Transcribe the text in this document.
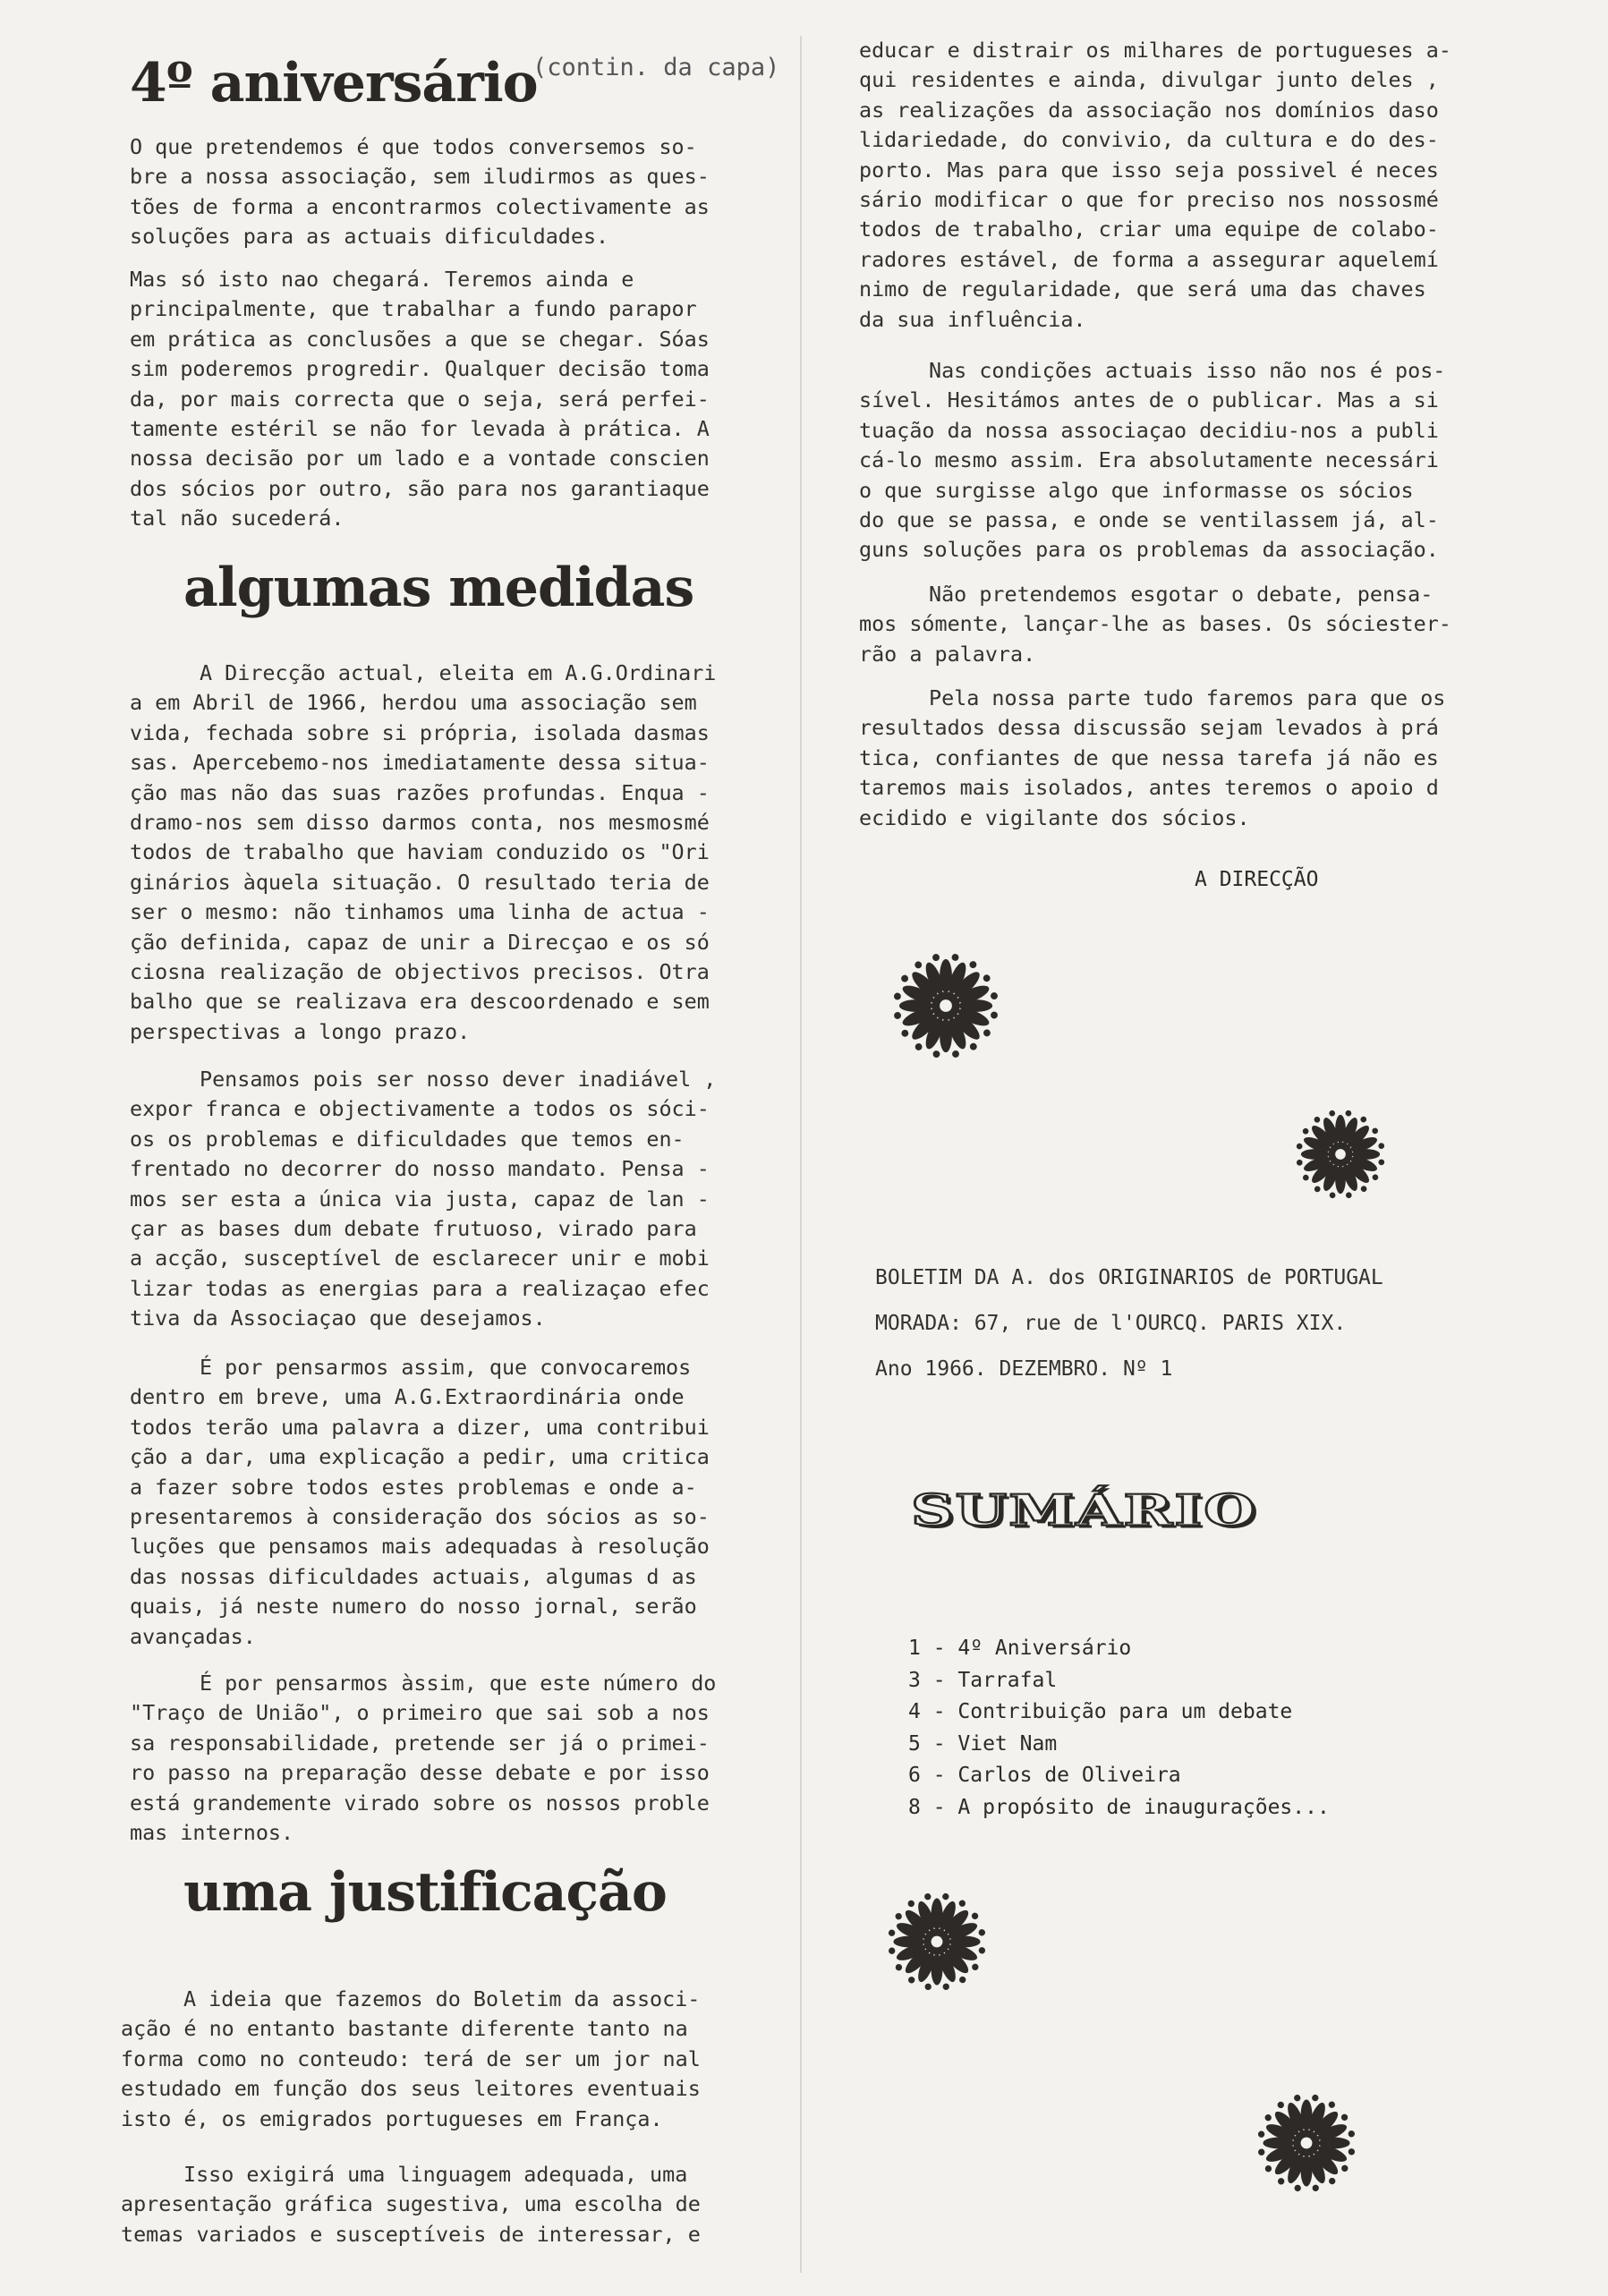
4º aniversário
(contin. da capa)
O que pretendemos é que todos conversemos so-
bre a nossa associação, sem iludirmos as ques-
tões de forma a encontrarmos colectivamente as
soluções para as actuais dificuldades.
Mas só isto nao chegará. Teremos ainda e
principalmente, que trabalhar a fundo parapor
em prática as conclusões a que se chegar. Sóas
sim poderemos progredir. Qualquer decisão toma
da, por mais correcta que o seja, será perfei-
tamente estéril se não for levada à prática. A
nossa decisão por um lado e a vontade conscien
dos sócios por outro, são para nos garantiaque
tal não sucederá.
algumas medidas
A Direcção actual, eleita em A.G.Ordinari
a em Abril de 1966, herdou uma associação sem
vida, fechada sobre si própria, isolada dasmas
sas. Apercebemo-nos imediatamente dessa situa-
ção mas não das suas razões profundas. Enqua -
dramo-nos sem disso darmos conta, nos mesmosmé
todos de trabalho que haviam conduzido os "Ori
ginários àquela situação. O resultado teria de
ser o mesmo: não tinhamos uma linha de actua -
ção definida, capaz de unir a Direcçao e os só
ciosna realização de objectivos precisos. Otra
balho que se realizava era descoordenado e sem
perspectivas a longo prazo.
Pensamos pois ser nosso dever inadiável ,
expor franca e objectivamente a todos os sóci-
os os problemas e dificuldades que temos en-
frentado no decorrer do nosso mandato. Pensa -
mos ser esta a única via justa, capaz de lan -
çar as bases dum debate frutuoso, virado para
a acção, susceptível de esclarecer unir e mobi
lizar todas as energias para a realizaçao efec
tiva da Associaçao que desejamos.
É por pensarmos assim, que convocaremos
dentro em breve, uma A.G.Extraordinária onde
todos terão uma palavra a dizer, uma contribui
ção a dar, uma explicação a pedir, uma critica
a fazer sobre todos estes problemas e onde a-
presentaremos à consideração dos sócios as so-
luções que pensamos mais adequadas à resolução
das nossas dificuldades actuais, algumas d as
quais, já neste numero do nosso jornal, serão
avançadas.
É por pensarmos àssim, que este número do
"Traço de União", o primeiro que sai sob a nos
sa responsabilidade, pretende ser já o primei-
ro passo na preparação desse debate e por isso
está grandemente virado sobre os nossos proble
mas internos.
uma justificação
A ideia que fazemos do Boletim da associ-
ação é no entanto bastante diferente tanto na
forma como no conteudo: terá de ser um jor nal
estudado em função dos seus leitores eventuais
isto é, os emigrados portugueses em França.
Isso exigirá uma linguagem adequada, uma
apresentação gráfica sugestiva, uma escolha de
temas variados e susceptíveis de interessar, e
educar e distrair os milhares de portugueses a-
qui residentes e ainda, divulgar junto deles ,
as realizações da associação nos domínios daso
lidariedade, do convivio, da cultura e do des-
porto. Mas para que isso seja possivel é neces
sário modificar o que for preciso nos nossosmé
todos de trabalho, criar uma equipe de colabo-
radores estável, de forma a assegurar aquelemí
nimo de regularidade, que será uma das chaves
da sua influência.
Nas condições actuais isso não nos é pos-
sível. Hesitámos antes de o publicar. Mas a si
tuação da nossa associaçao decidiu-nos a publi
cá-lo mesmo assim. Era absolutamente necessári
o que surgisse algo que informasse os sócios
do que se passa, e onde se ventilassem já, al-
guns soluções para os problemas da associação.
Não pretendemos esgotar o debate, pensa-
mos sómente, lançar-lhe as bases. Os sóciester-
rão a palavra.
Pela nossa parte tudo faremos para que os
resultados dessa discussão sejam levados à prá
tica, confiantes de que nessa tarefa já não es
taremos mais isolados, antes teremos o apoio d
ecidido e vigilante dos sócios.
A DIRECÇÃO
BOLETIM DA A. dos ORIGINARIOS de PORTUGAL
MORADA: 67, rue de l'OURCQ. PARIS XIX.
Ano 1966. DEZEMBRO. Nº 1
SUMÁRIO
1 - 4º Aniversário
3 - Tarrafal
4 - Contribuição para um debate
5 - Viet Nam
6 - Carlos de Oliveira
8 - A propósito de inaugurações...
